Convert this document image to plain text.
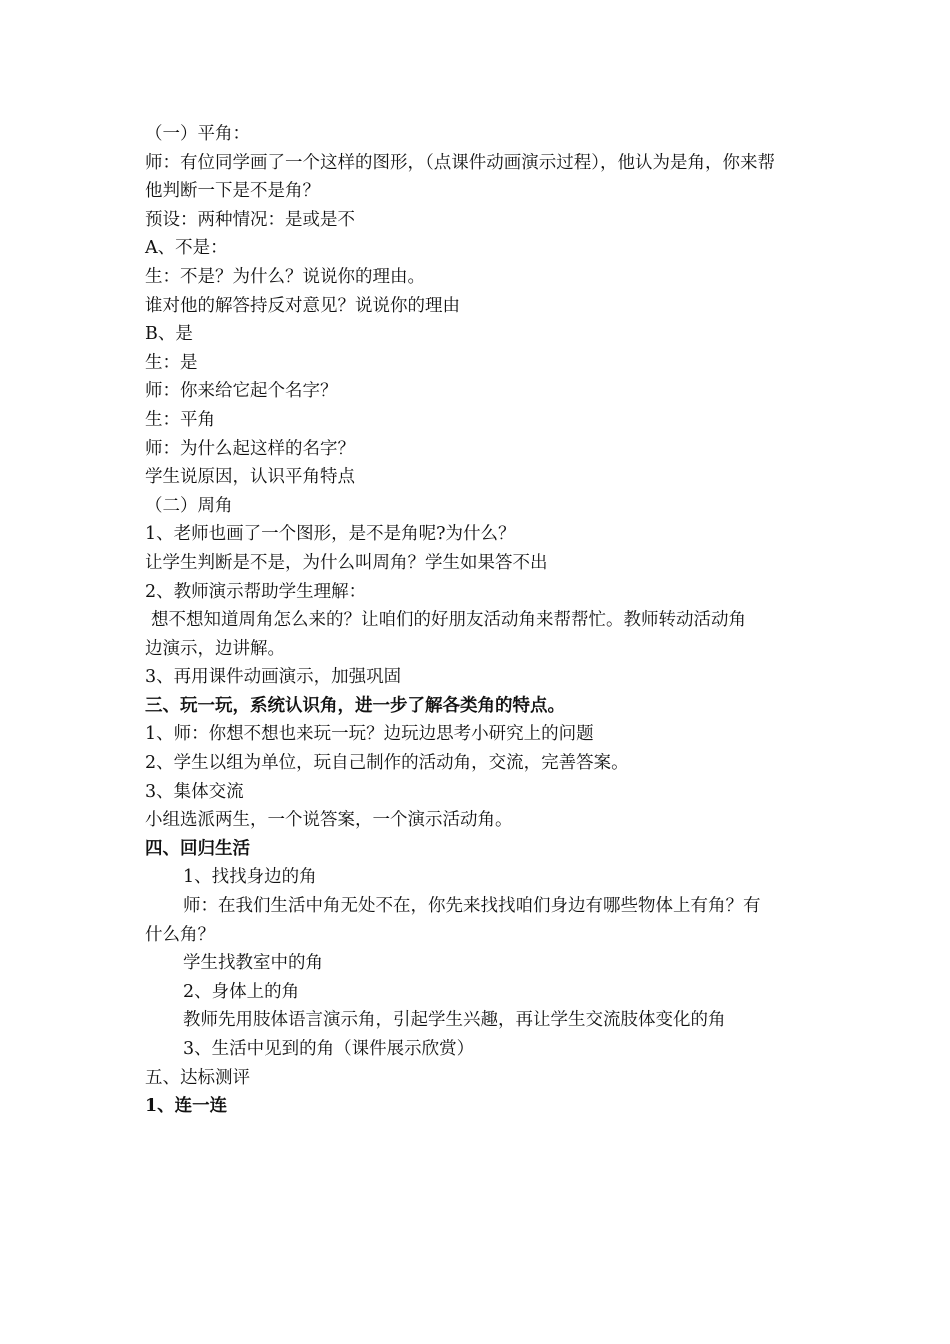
（一）平角：
师：有位同学画了一个这样的图形，（点课件动画演示过程），他认为是角，你来帮
他判断一下是不是角？
预设：两种情况：是或是不
A、不是：
生：不是？为什么？说说你的理由。
谁对他的解答持反对意见？说说你的理由
B、是
生：是
师：你来给它起个名字？
生：平角
师：为什么起这样的名字？
学生说原因，认识平角特点
（二）周角
1、老师也画了一个图形，是不是角呢?为什么？
让学生判断是不是，为什么叫周角？学生如果答不出
2、教师演示帮助学生理解：
想不想知道周角怎么来的？让咱们的好朋友活动角来帮帮忙。教师转动活动角
边演示，边讲解。
3、再用课件动画演示，加强巩固
三、玩一玩，系统认识角，进一步了解各类角的特点。
1、师：你想不想也来玩一玩？边玩边思考小研究上的问题
2、学生以组为单位，玩自己制作的活动角，交流，完善答案。
3、集体交流
小组选派两生，一个说答案，一个演示活动角。
四、回归生活
1、找找身边的角
师：在我们生活中角无处不在，你先来找找咱们身边有哪些物体上有角？有
什么角？
学生找教室中的角
2、身体上的角
教师先用肢体语言演示角，引起学生兴趣，再让学生交流肢体变化的角
3、生活中见到的角（课件展示欣赏）
五、达标测评
1、连一连
